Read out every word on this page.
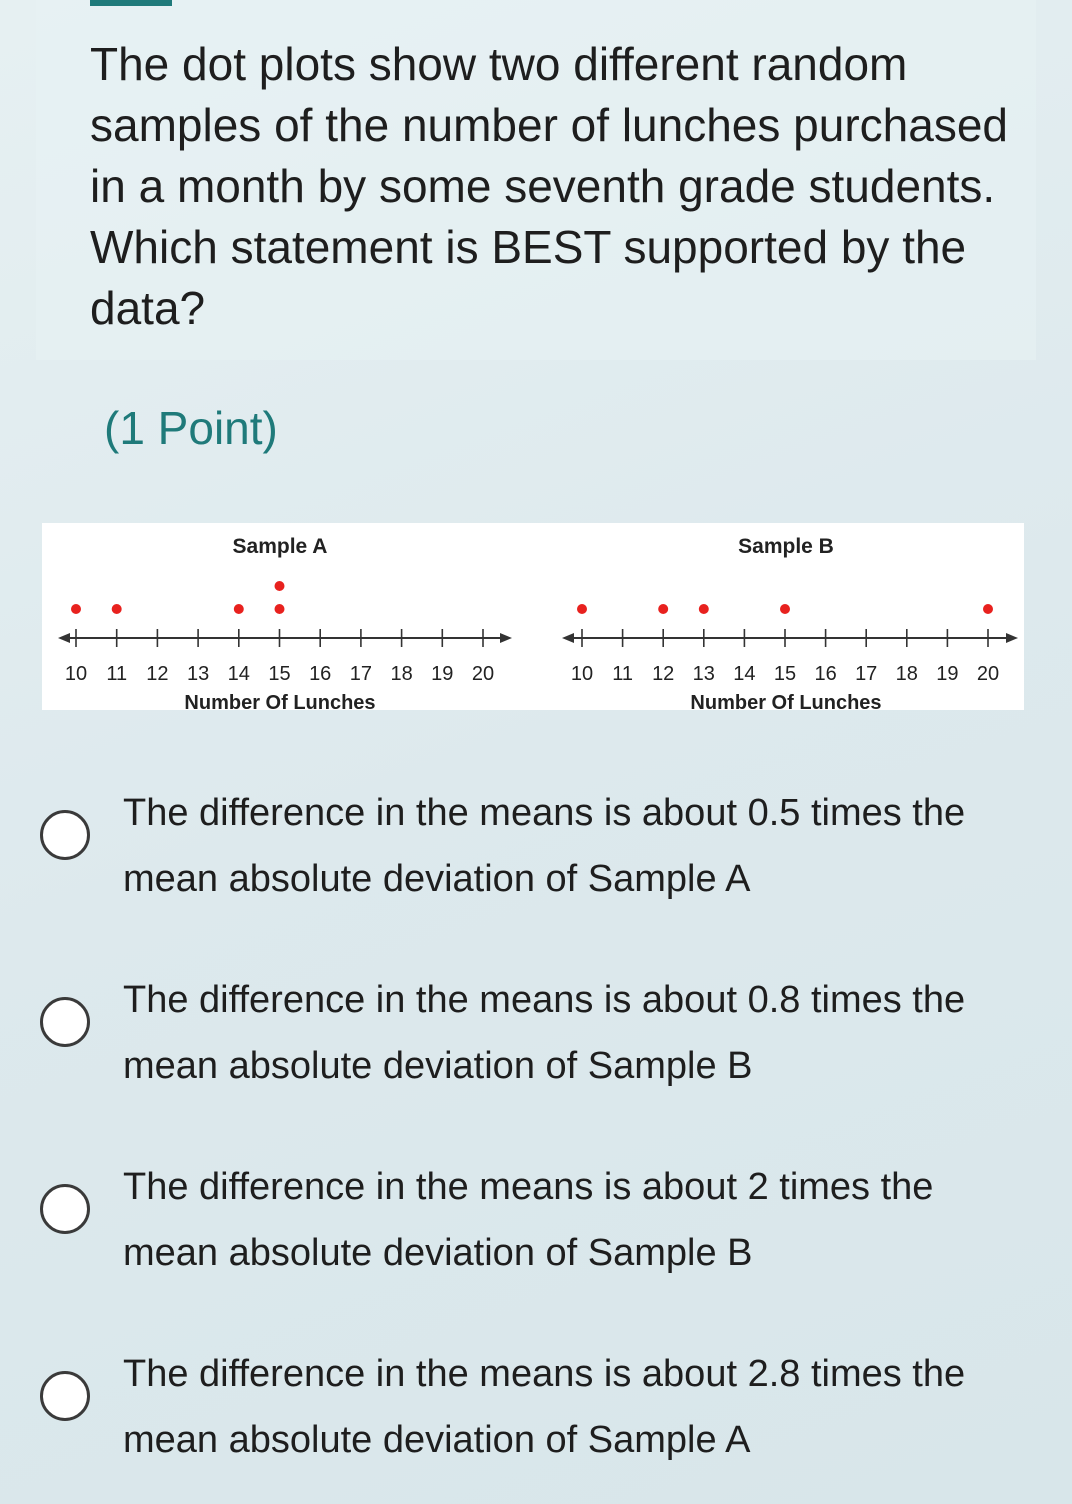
The dot plots show two different random samples of the number of lunches purchased in a month by some seventh grade students.
Which statement is BEST supported by the data?

(1 Point)

Sample A
10 11 12 13 14 15 16 17 18 19 20
Number Of Lunches
Sample B
10 11 12 13 14 15 16 17 18 19 20
Number Of Lunches
The difference in the means is about 0.5 times the
mean absolute deviation of Sample A
The difference in the means is about 0.8 times the
mean absolute deviation of Sample B
The difference in the means is about 2 times the
mean absolute deviation of Sample B
The difference in the means is about 2.8 times the
mean absolute deviation of Sample A
